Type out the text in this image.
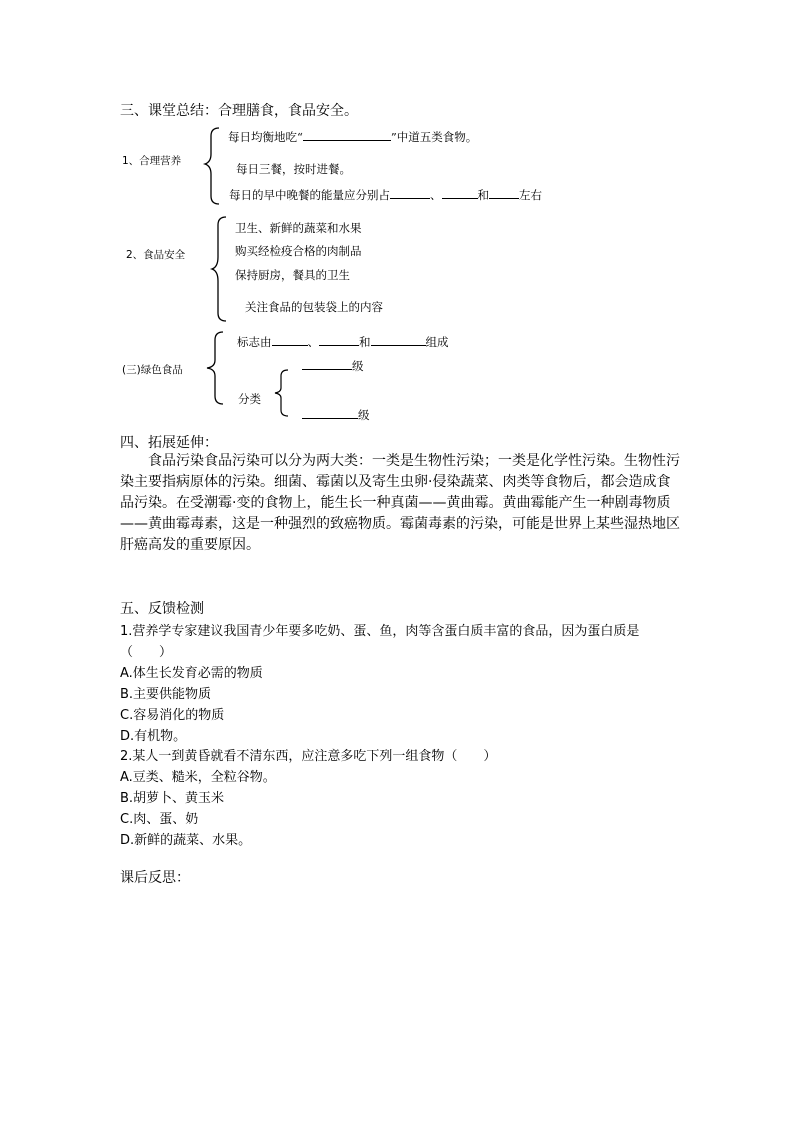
三、课堂总结：合理膳食，食品安全。
1、合理营养
每日均衡地吃“	”中道五类食物。
每日三餐，按时进餐。
每日的早中晚餐的能量应分别占	、	和	左右
2、食品安全
卫生、新鲜的蔬菜和水果
购买经检疫合格的肉制品
保持厨房，餐具的卫生
关注食品的包装袋上的内容
(三)绿色食品
标志由	、	和	组成
分类
级
级
四、拓展延伸：
食品污染食品污染可以分为两大类：一类是生物性污染；一类是化学性污染。生物性污
染主要指病原体的污染。细菌、霉菌以及寄生虫卵·侵染蔬菜、肉类等食物后，都会造成食
品污染。在受潮霉·变的食物上，能生长一种真菌——黄曲霉。黄曲霉能产生一种剧毒物质
——黄曲霉毒素，这是一种强烈的致癌物质。霉菌毒素的污染，可能是世界上某些湿热地区
肝癌高发的重要原因。
五、反馈检测
1.营养学专家建议我国青少年要多吃奶、蛋、鱼，肉等含蛋白质丰富的食品，因为蛋白质是
（　　）
A.体生长发育必需的物质
B.主要供能物质
C.容易消化的物质
D.有机物。
2.某人一到黄昏就看不清东西，应注意多吃下列一组食物（　　）
A.豆类、糙米，全粒谷物。
B.胡萝卜、黄玉米
C.肉、蛋、奶
D.新鲜的蔬菜、水果。
课后反思：
